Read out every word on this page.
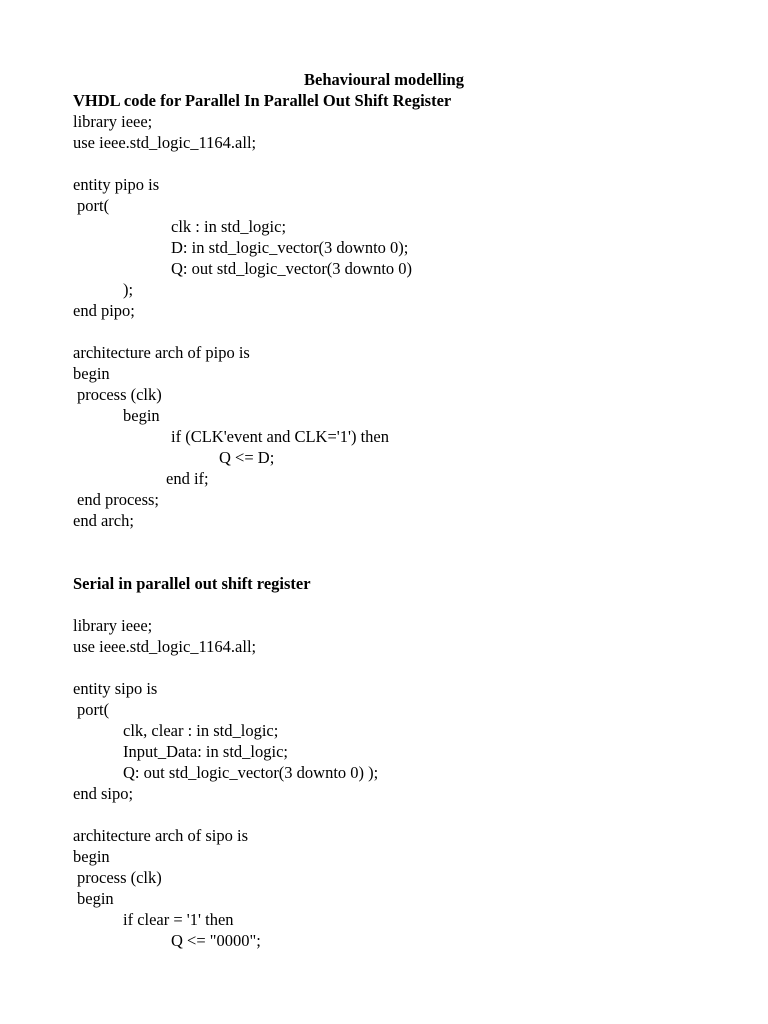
Behavioural modelling

VHDL code for Parallel In Parallel Out Shift Register

library ieee;

use ieee.std_logic_1164.all;

entity pipo is

port(

clk : in std_logic;

D: in std_logic_vector(3 downto 0);

Q: out std_logic_vector(3 downto 0)

);

end pipo;

architecture arch of pipo is

begin

process (clk)

begin

if (CLK'event and CLK='1') then

Q <= D;

end if;

end process;

end arch;

Serial in parallel out shift register

library ieee;

use ieee.std_logic_1164.all;

entity sipo is

port(

clk, clear : in std_logic;

Input_Data: in std_logic;

Q: out std_logic_vector(3 downto 0) );

end sipo;

architecture arch of sipo is

begin

process (clk)

begin

if clear = '1' then

Q <= "0000";
